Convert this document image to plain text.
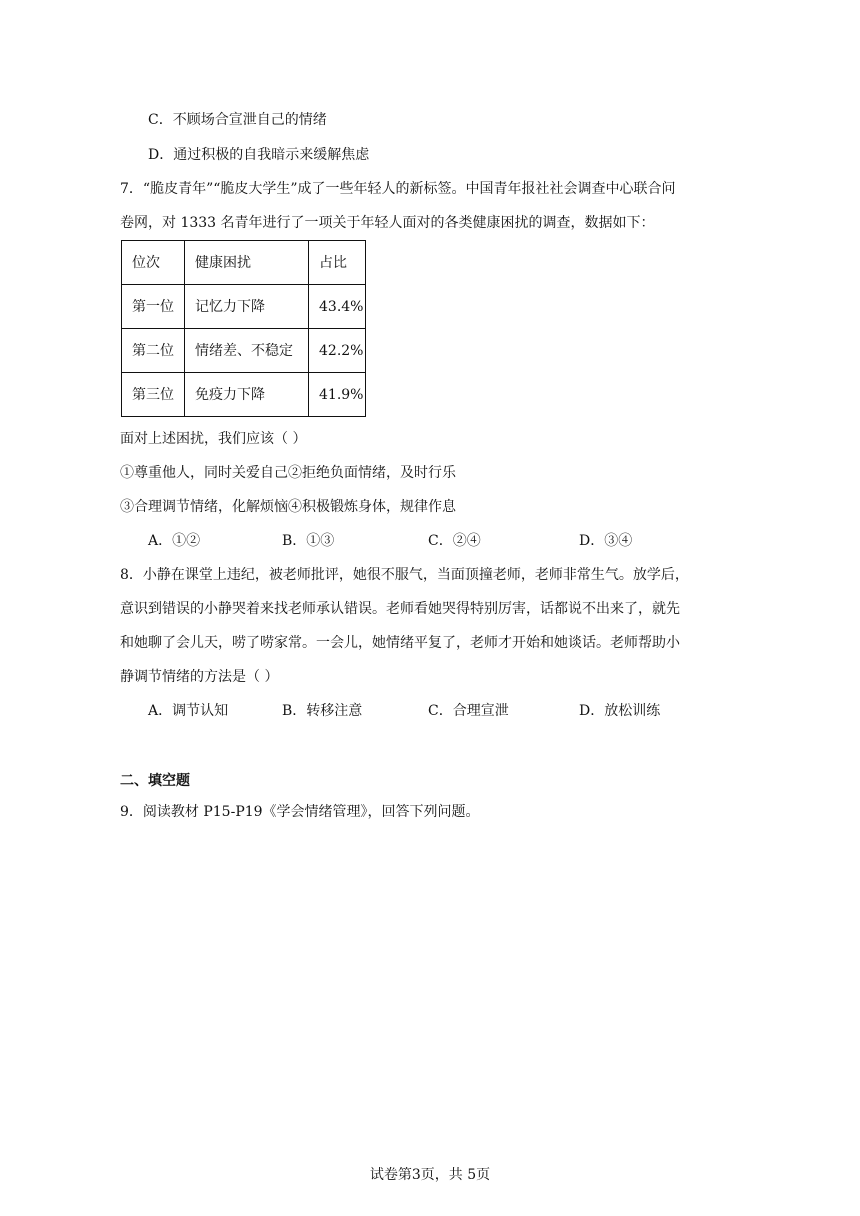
C．不顾场合宣泄自己的情绪
D．通过积极的自我暗示来缓解焦虑
7．“脆皮青年”“脆皮大学生”成了一些年轻人的新标签。中国青年报社社会调查中心联合问
卷网，对 1333 名青年进行了一项关于年轻人面对的各类健康困扰的调查，数据如下：
位次	健康困扰	占比
第一位	记忆力下降	43.4%
第二位	情绪差、不稳定	42.2%
第三位	免疫力下降	41.9%
面对上述困扰，我们应该（ ）
①尊重他人，同时关爱自己②拒绝负面情绪，及时行乐
③合理调节情绪，化解烦恼④积极锻炼身体，规律作息
A．①②	B．①③	C．②④	D．③④
8．小静在课堂上违纪，被老师批评，她很不服气，当面顶撞老师，老师非常生气。放学后，
意识到错误的小静哭着来找老师承认错误。老师看她哭得特别厉害，话都说不出来了，就先
和她聊了会儿天，唠了唠家常。一会儿，她情绪平复了，老师才开始和她谈话。老师帮助小
静调节情绪的方法是（ ）
A．调节认知	B．转移注意	C．合理宣泄	D．放松训练
二、填空题
9．阅读教材 P15-P19《学会情绪管理》，回答下列问题。
试卷第3页，共 5页
